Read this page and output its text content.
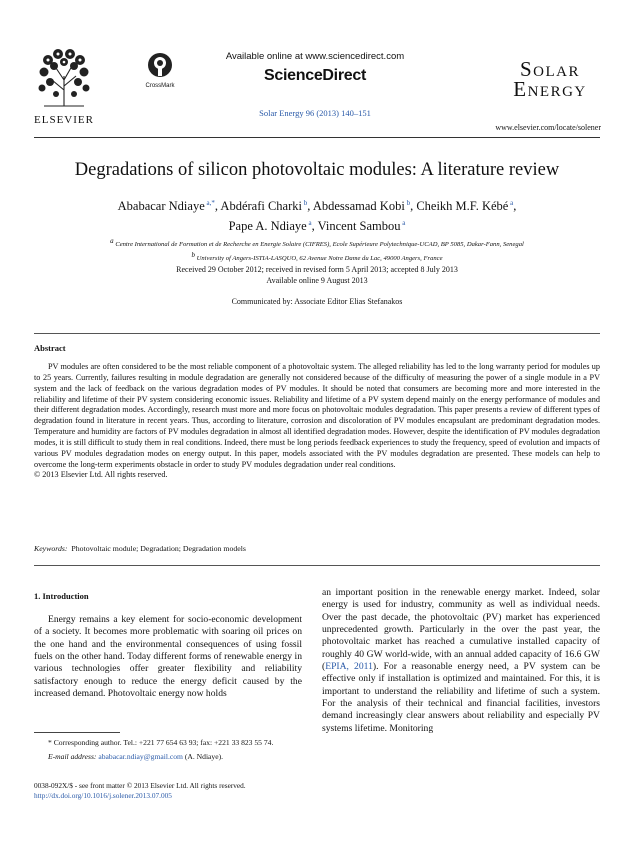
ELSEVIER
CrossMark
Available online at www.sciencedirect.com
ScienceDirect
Solar Energy 96 (2013) 140–151
Solar
Energy
www.elsevier.com/locate/solener
Degradations of silicon photovoltaic modules: A literature review
Ababacar Ndiaye $^{a,*}$, Abdérafi Charki $^b$, Abdessamad Kobi $^b$, Cheikh M.F. Kébé $^a$,
Pape A. Ndiaye $^a$, Vincent Sambou $^a$
$^a$ Centre International de Formation et de Recherche en Energie Solaire (CIFRES), Ecole Supérieure Polytechnique-UCAD, BP 5085, Dakar-Fann, Senegal
$^b$ University of Angers-ISTIA-LASQUO, 62 Avenue Notre Dame du Lac, 49000 Angers, France
Received 29 October 2012; received in revised form 5 April 2013; accepted 8 July 2013
Available online 9 August 2013
Communicated by: Associate Editor Elias Stefanakos
Abstract

PV modules are often considered to be the most reliable component of a photovoltaic system. The alleged reliability has led to the long warranty period for modules up to 25 years. Currently, failures resulting in module degradation are generally not considered because of the difficulty of measuring the power of a single module in a PV system and the lack of feedback on the various degradation modes of PV modules. It should be noted that consumers are becoming more and more interested in the reliability and lifetime of their PV system considering economic issues. Reliability and lifetime of a PV system depend mainly on the energy performance of modules and their different degradation modes. Accordingly, research must more and more focus on photovoltaic modules degradation. This paper presents a review of different types of degradation found in literature in recent years. Thus, according to literature, corrosion and discoloration of PV modules encapsulant are predominant degradation modes. Temperature and humidity are factors of PV modules degradation in almost all identified degradation modes. However, despite the identification of PV modules degradation modes, it is still difficult to study them in real conditions. Indeed, there must be long periods feedback experiences to study the frequency, speed of evolution and impacts of various PV modules degradation modes on energy output. In this paper, models associated with the PV modules degradation are presented. These models can help to overcome the long-term experiments obstacle in order to study PV modules degradation under real conditions.

© 2013 Elsevier Ltd. All rights reserved.

Keywords: Photovoltaic module; Degradation; Degradation models
1. Introduction

Energy remains a key element for socio-economic development of a society. It becomes more problematic with soaring oil prices on the one hand and the environmental consequences of using fossil fuels on the other hand. Today different forms of renewable energy in various technologies offer greater flexibility and reliability satisfactory enough to reduce the energy deficit caused by the increased demand. Photovoltaic energy now holds

* Corresponding author. Tel.: +221 77 654 63 93; fax: +221 33 823 55 74.
E-mail address: ababacar.ndiay@gmail.com (A. Ndiaye).
0038-092X/$ - see front matter © 2013 Elsevier Ltd. All rights reserved.
http://dx.doi.org/10.1016/j.solener.2013.07.005

an important position in the renewable energy market. Indeed, solar energy is used for industry, community as well as individual needs. Over the past decade, the photovoltaic (PV) market has experienced unprecedented growth. Particularly in the over the past year, the photovoltaic market has reached a cumulative installed capacity of roughly 40 GW world-wide, with an annual added capacity of 16.6 GW (EPIA, 2011). For a reasonable energy need, a PV system can be effective only if installation is optimized and maintained. For this, it is important to understand the reliability and lifetime of such a system. For the analysis of their technical and financial facilities, investors demand increasingly clear answers about reliability and especially PV systems lifetime. Monitoring
